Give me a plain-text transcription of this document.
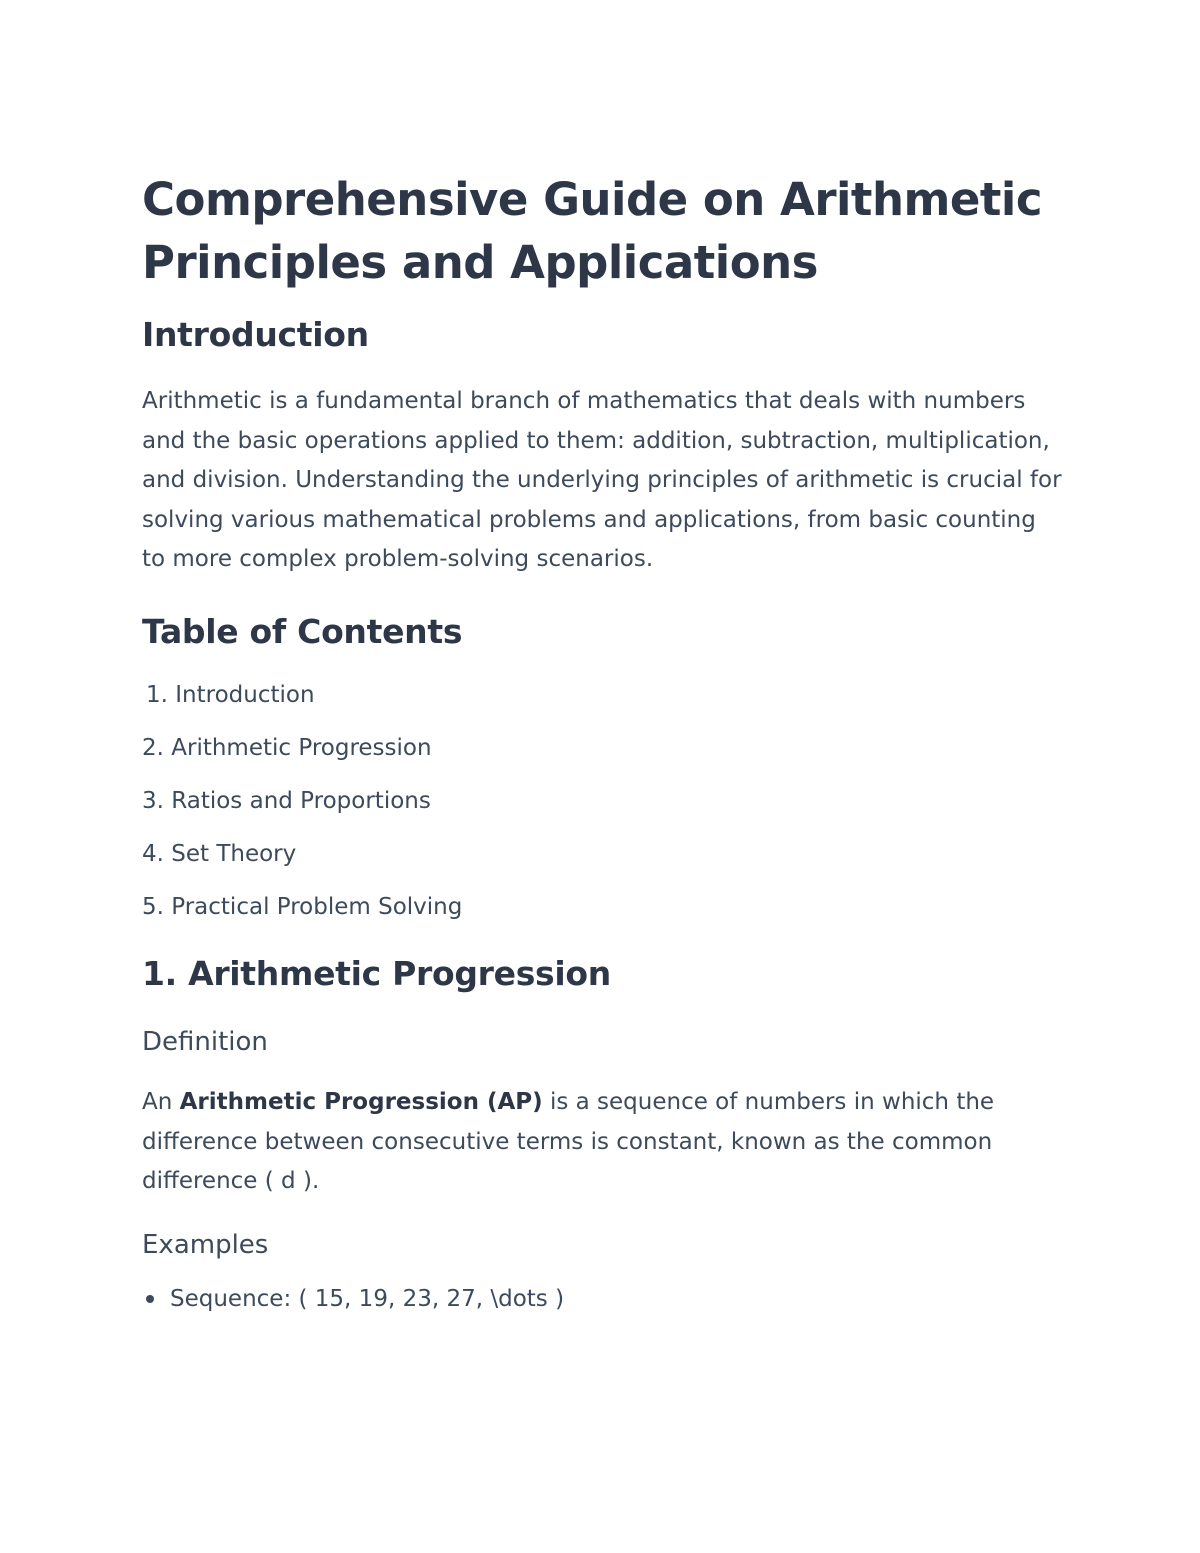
Comprehensive Guide on Arithmetic Principles and Applications
Introduction

Arithmetic is a fundamental branch of mathematics that deals with numbers and the basic operations applied to them: addition, subtraction, multiplication, and division. Understanding the underlying principles of arithmetic is crucial for solving various mathematical problems and applications, from basic counting to more complex problem-solving scenarios.

Table of Contents
1. Introduction
2. Arithmetic Progression
3. Ratios and Proportions
4. Set Theory
5. Practical Problem Solving
1. Arithmetic Progression
Definition

An Arithmetic Progression (AP) is a sequence of numbers in which the difference between consecutive terms is constant, known as the common difference ( d ).

Examples
Sequence: ( 15, 19, 23, 27, \dots )
